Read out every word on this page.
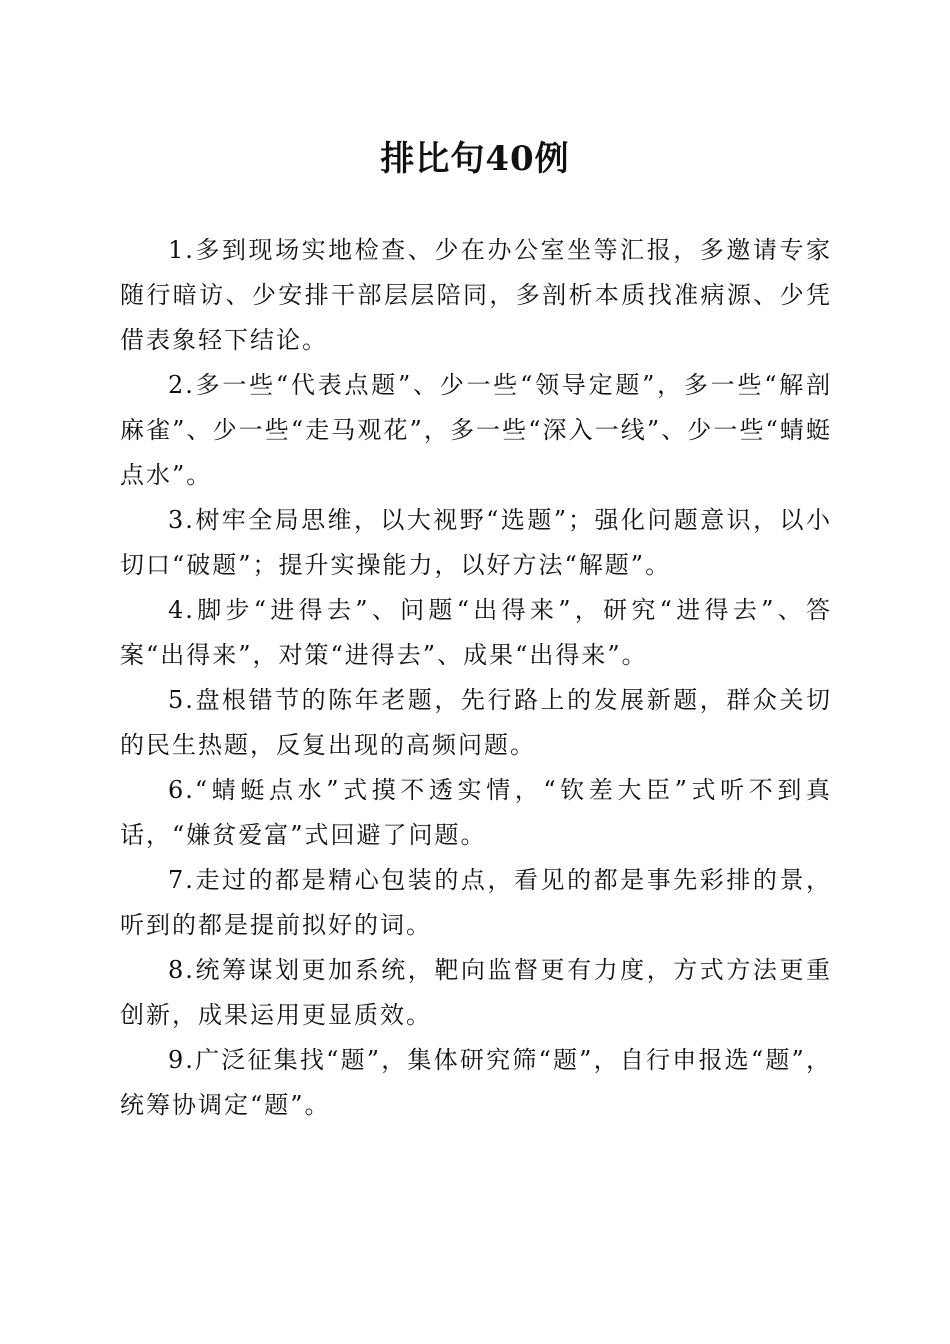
排比句40例

1.多到现场实地检查、少在办公室坐等汇报，多邀请专家随行暗访、少安排干部层层陪同，多剖析本质找准病源、少凭借表象轻下结论。

2.多一些“代表点题”、少一些“领导定题”，多一些“解剖麻雀”、少一些“走马观花”，多一些“深入一线”、少一些“蜻蜓点水”。

3.树牢全局思维，以大视野“选题”；强化问题意识，以小切口“破题”；提升实操能力，以好方法“解题”。

4.脚步“进得去”、问题“出得来”，研究“进得去”、答案“出得来”，对策“进得去”、成果“出得来”。

5.盘根错节的陈年老题，先行路上的发展新题，群众关切的民生热题，反复出现的高频问题。

6.“蜻蜓点水”式摸不透实情，“钦差大臣”式听不到真话，“嫌贫爱富”式回避了问题。

7.走过的都是精心包装的点，看见的都是事先彩排的景，听到的都是提前拟好的词。

8.统筹谋划更加系统，靶向监督更有力度，方式方法更重创新，成果运用更显质效。

9.广泛征集找“题”，集体研究筛“题”，自行申报选“题”，统筹协调定“题”。
